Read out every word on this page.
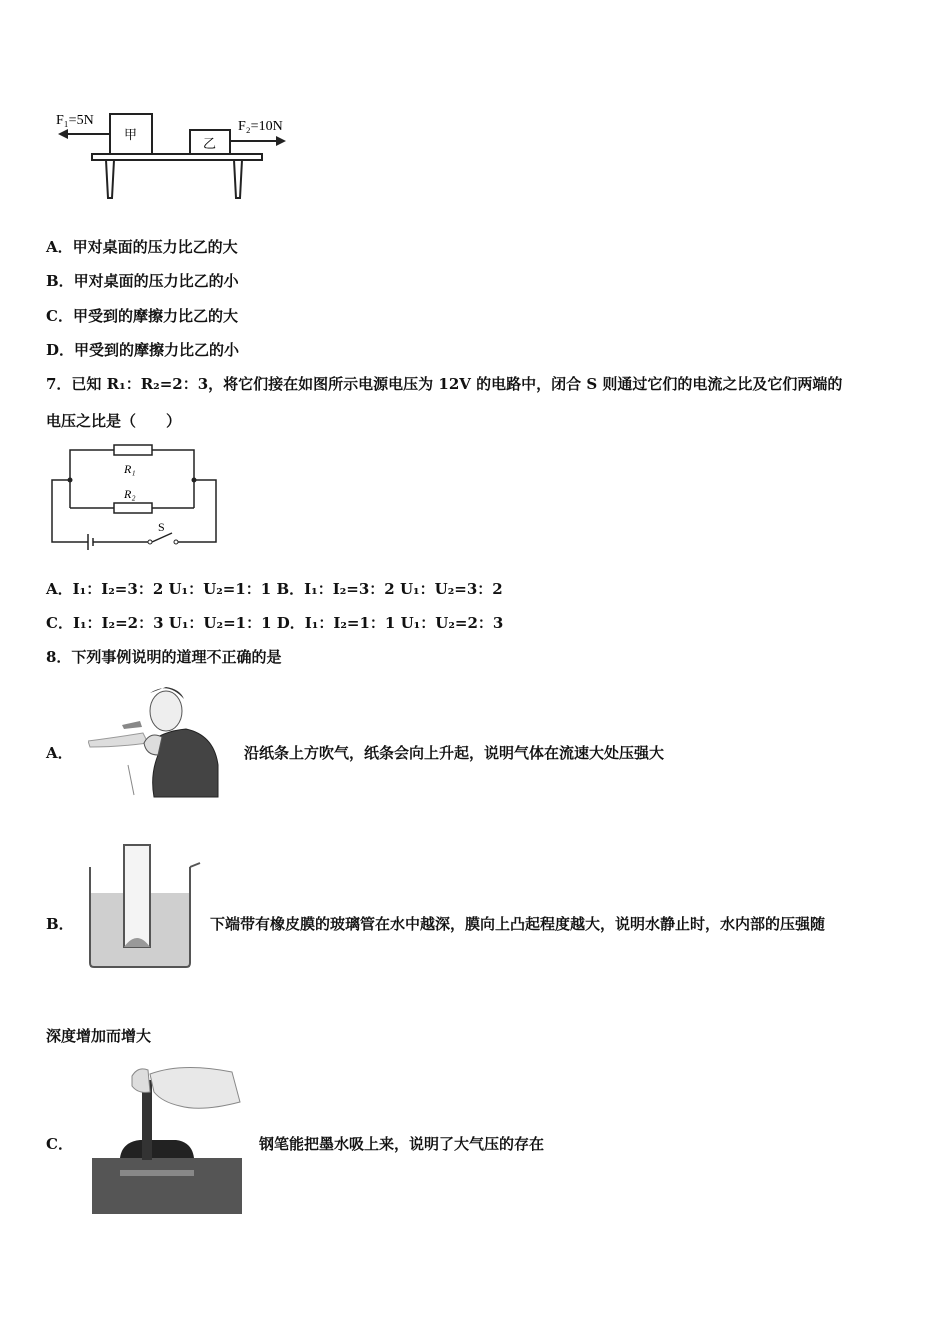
F₁=5N	F₂=10N
甲
乙
A．甲对桌面的压力比乙的大
B．甲对桌面的压力比乙的小
C．甲受到的摩擦力比乙的大
D．甲受到的摩擦力比乙的小
7．已知 R₁：R₂=2：3，将它们接在如图所示电源电压为 12V 的电路中，闭合 S 则通过它们的电流之比及它们两端的
电压之比是（　　）
R₁
R₂
S
A．I₁：I₂=3：2 U₁：U₂=1：1 B．I₁：I₂=3：2 U₁：U₂=3：2
C．I₁：I₂=2：3 U₁：U₂=1：1 D．I₁：I₂=1：1 U₁：U₂=2：3
8．下列事例说明的道理不正确的是
A．	沿纸条上方吹气，纸条会向上升起，说明气体在流速大处压强大
B．	下端带有橡皮膜的玻璃管在水中越深，膜向上凸起程度越大，说明水静止时，水内部的压强随
深度增加而增大
C．	钢笔能把墨水吸上来，说明了大气压的存在
